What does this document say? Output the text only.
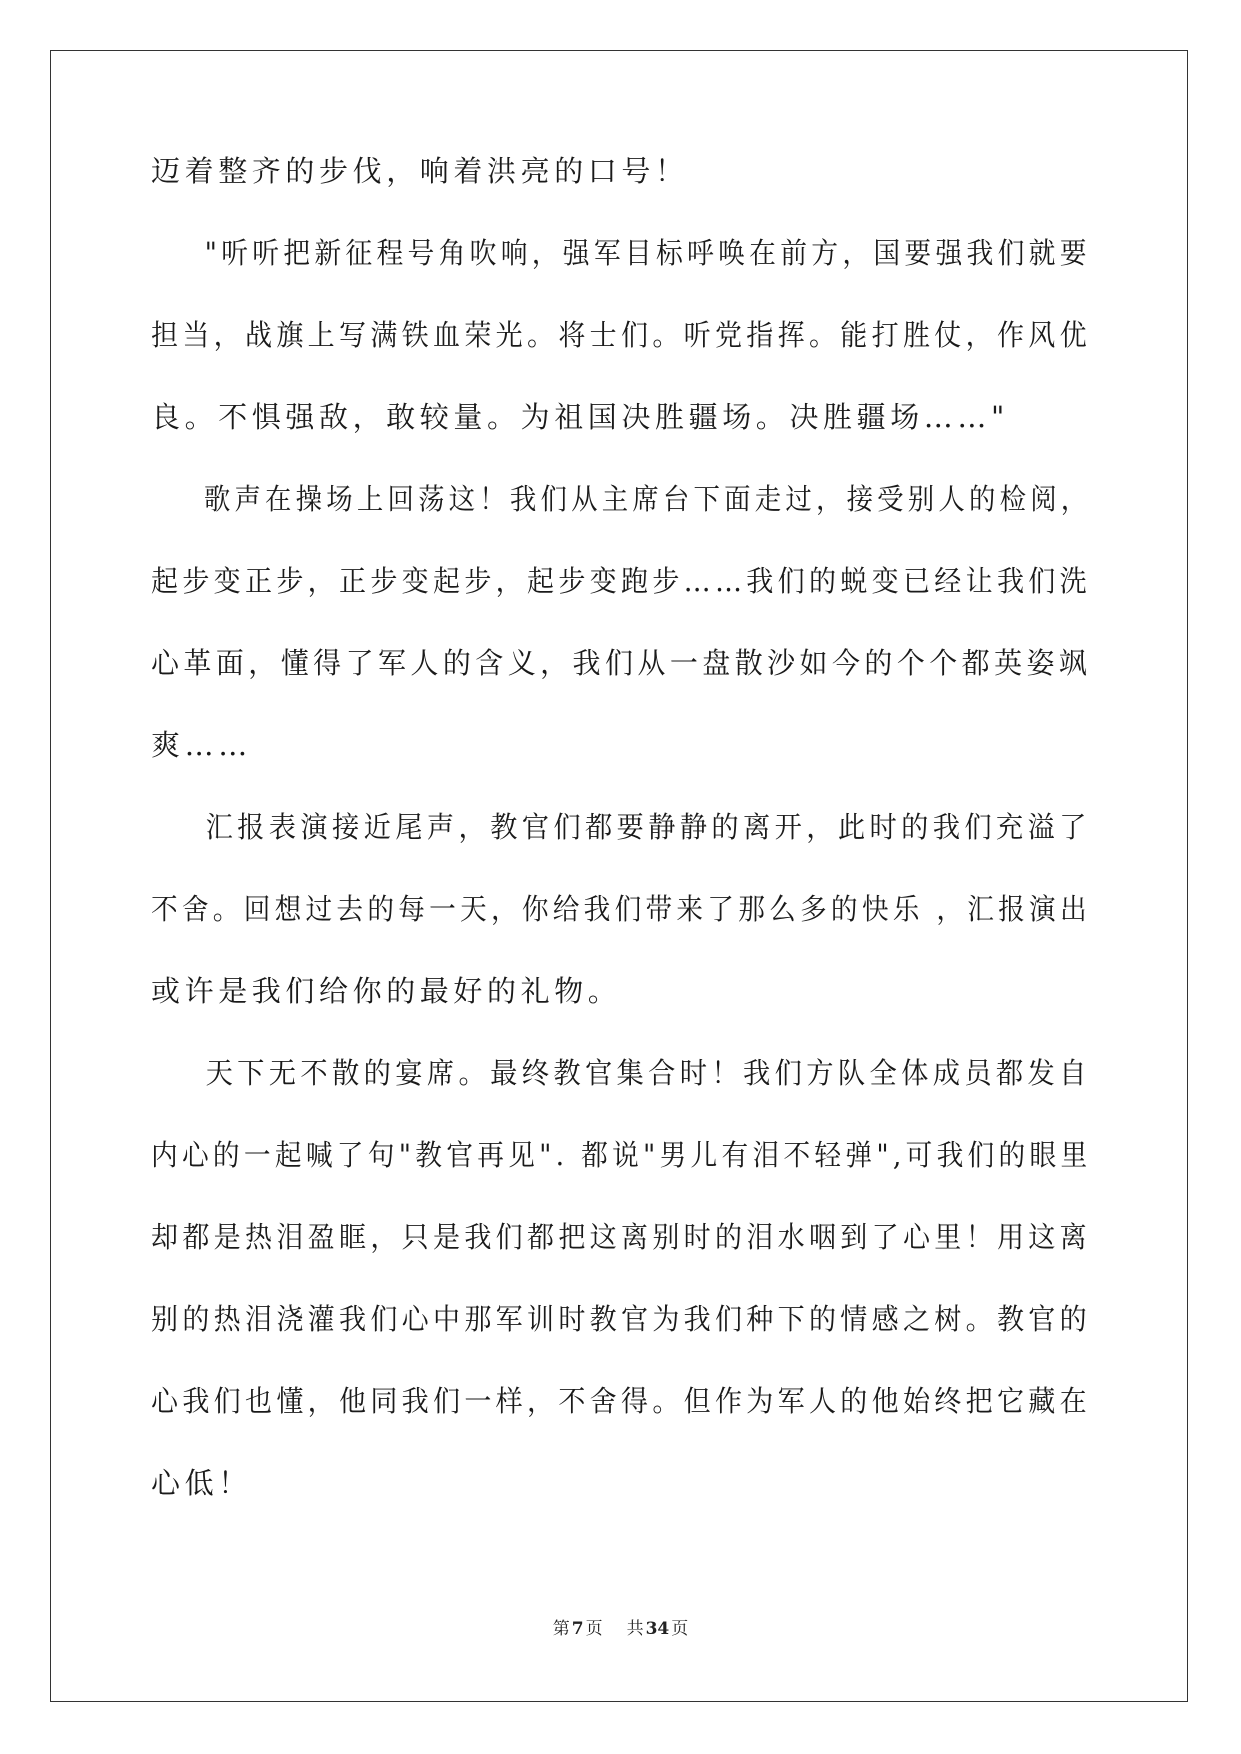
迈着整齐的步伐，响着洪亮的口号！
"听听把新征程号角吹响，强军目标呼唤在前方，国要强我们就要
担当，战旗上写满铁血荣光。将士们。听党指挥。能打胜仗，作风优
良。不惧强敌，敢较量。为祖国决胜疆场。决胜疆场……"
歌声在操场上回荡这！我们从主席台下面走过，接受别人的检阅，
起步变正步，正步变起步，起步变跑步……我们的蜕变已经让我们洗
心革面，懂得了军人的含义，我们从一盘散沙如今的个个都英姿飒
爽……
汇报表演接近尾声，教官们都要静静的离开，此时的我们充溢了
不舍。回想过去的每一天，你给我们带来了那么多的快乐 ，汇报演出
或许是我们给你的最好的礼物。
天下无不散的宴席。最终教官集合时！我们方队全体成员都发自
内心的一起喊了句"教官再见". 都说"男儿有泪不轻弹",可我们的眼里
却都是热泪盈眶，只是我们都把这离别时的泪水咽到了心里！用这离
别的热泪浇灌我们心中那军训时教官为我们种下的情感之树。教官的
心我们也懂，他同我们一样，不舍得。但作为军人的他始终把它藏在
心低！
第 7 页 共 34 页
